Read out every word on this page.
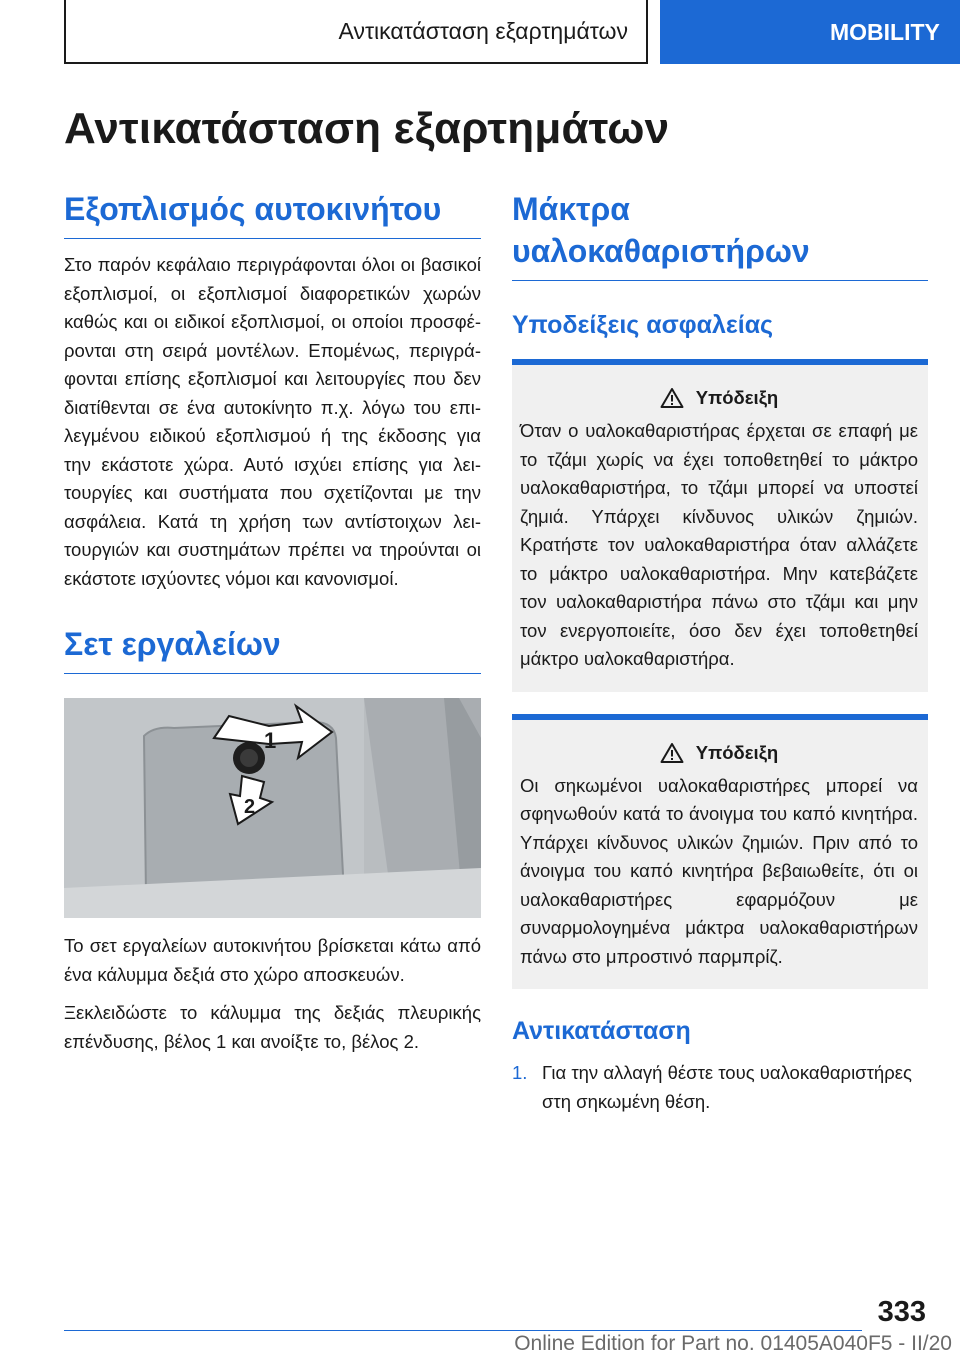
Αντικατάσταση εξαρτημάτων	MOBILITY
Αντικατάσταση εξαρτημάτων
Εξοπλισμός αυτοκινήτου

Στο παρόν κεφάλαιο περιγράφονται όλοι οι βασικοί εξοπλισμοί, οι εξοπλισμοί διαφορετικών χωρών καθώς και οι ειδικοί εξοπλισμοί, οι οποίοι προσφέρονται στη σειρά μοντέλων. Επομένως, περιγράφονται επίσης εξοπλισμοί και λειτουργίες που δεν διατίθενται σε ένα αυτοκίνητο π.χ. λόγω του επιλεγμένου ειδικού εξοπλισμού ή της έκδοσης για την εκάστοτε χώρα. Αυτό ισχύει επίσης για λειτουργίες και συστήματα που σχετίζονται με την ασφάλεια. Κατά τη χρήση των αντίστοιχων λειτουργιών και συστημάτων πρέπει να τηρούνται οι εκάστοτε ισχύοντες νόμοι και κανονισμοί.

Σετ εργαλείων
1
2

Το σετ εργαλείων αυτοκινήτου βρίσκεται κάτω από ένα κάλυμμα δεξιά στο χώρο αποσκευών.

Ξεκλειδώστε το κάλυμμα της δεξιάς πλευρικής επένδυσης, βέλος 1 και ανοίξτε το, βέλος 2.

Μάκτρα υαλοκαθαριστήρων
Υποδείξεις ασφαλείας
Υπόδειξη

Όταν ο υαλοκαθαριστήρας έρχεται σε επαφή με το τζάμι χωρίς να έχει τοποθετηθεί το μάκτρο υαλοκαθαριστήρα, το τζάμι μπορεί να υποστεί ζημιά. Υπάρχει κίνδυνος υλικών ζημιών. Κρατήστε τον υαλοκαθαριστήρα όταν αλλάζετε το μάκτρο υαλοκαθαριστήρα. Μην κατεβάζετε τον υαλοκαθαριστήρα πάνω στο τζάμι και μην τον ενεργοποιείτε, όσο δεν έχει τοποθετηθεί μάκτρο υαλοκαθαριστήρα.

Υπόδειξη

Οι σηκωμένοι υαλοκαθαριστήρες μπορεί να σφηνωθούν κατά το άνοιγμα του καπό κινητήρα. Υπάρχει κίνδυνος υλικών ζημιών. Πριν από το άνοιγμα του καπό κινητήρα βεβαιωθείτε, ότι οι υαλοκαθαριστήρες εφαρμόζουν με συναρμολογημένα μάκτρα υαλοκαθαριστήρων πάνω στο μπροστινό παρμπρίζ.

Αντικατάσταση
1. Για την αλλαγή θέστε τους υαλοκαθαριστήρες στη σηκωμένη θέση.
333
Online Edition for Part no. 01405A040F5 - II/20
